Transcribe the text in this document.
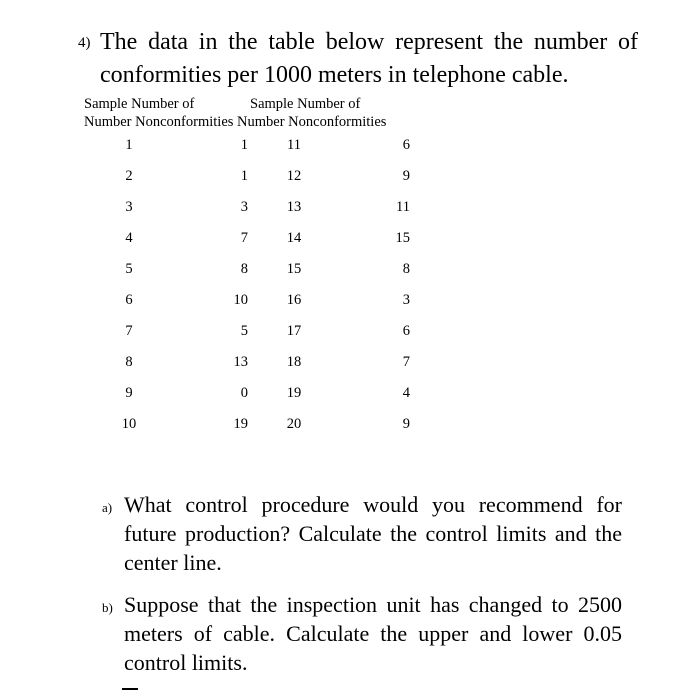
4) The data in the table below represent the number of conformities per 1000 meters in telephone cable.
Sample Number of	Sample Number of
Number Nonconformities Number Nonconformities
1	1	11	6
2	1	12	9
3	3	13	11
4	7	14	15
5	8	15	8
6	10	16	3
7	5	17	6
8	13	18	7
9	0	19	4
10	19	20	9
a) What control procedure would you recommend for future production? Calculate the control limits and the center line.
b) Suppose that the inspection unit has changed to 2500 meters of cable. Calculate the upper and lower 0.05 control limits.
